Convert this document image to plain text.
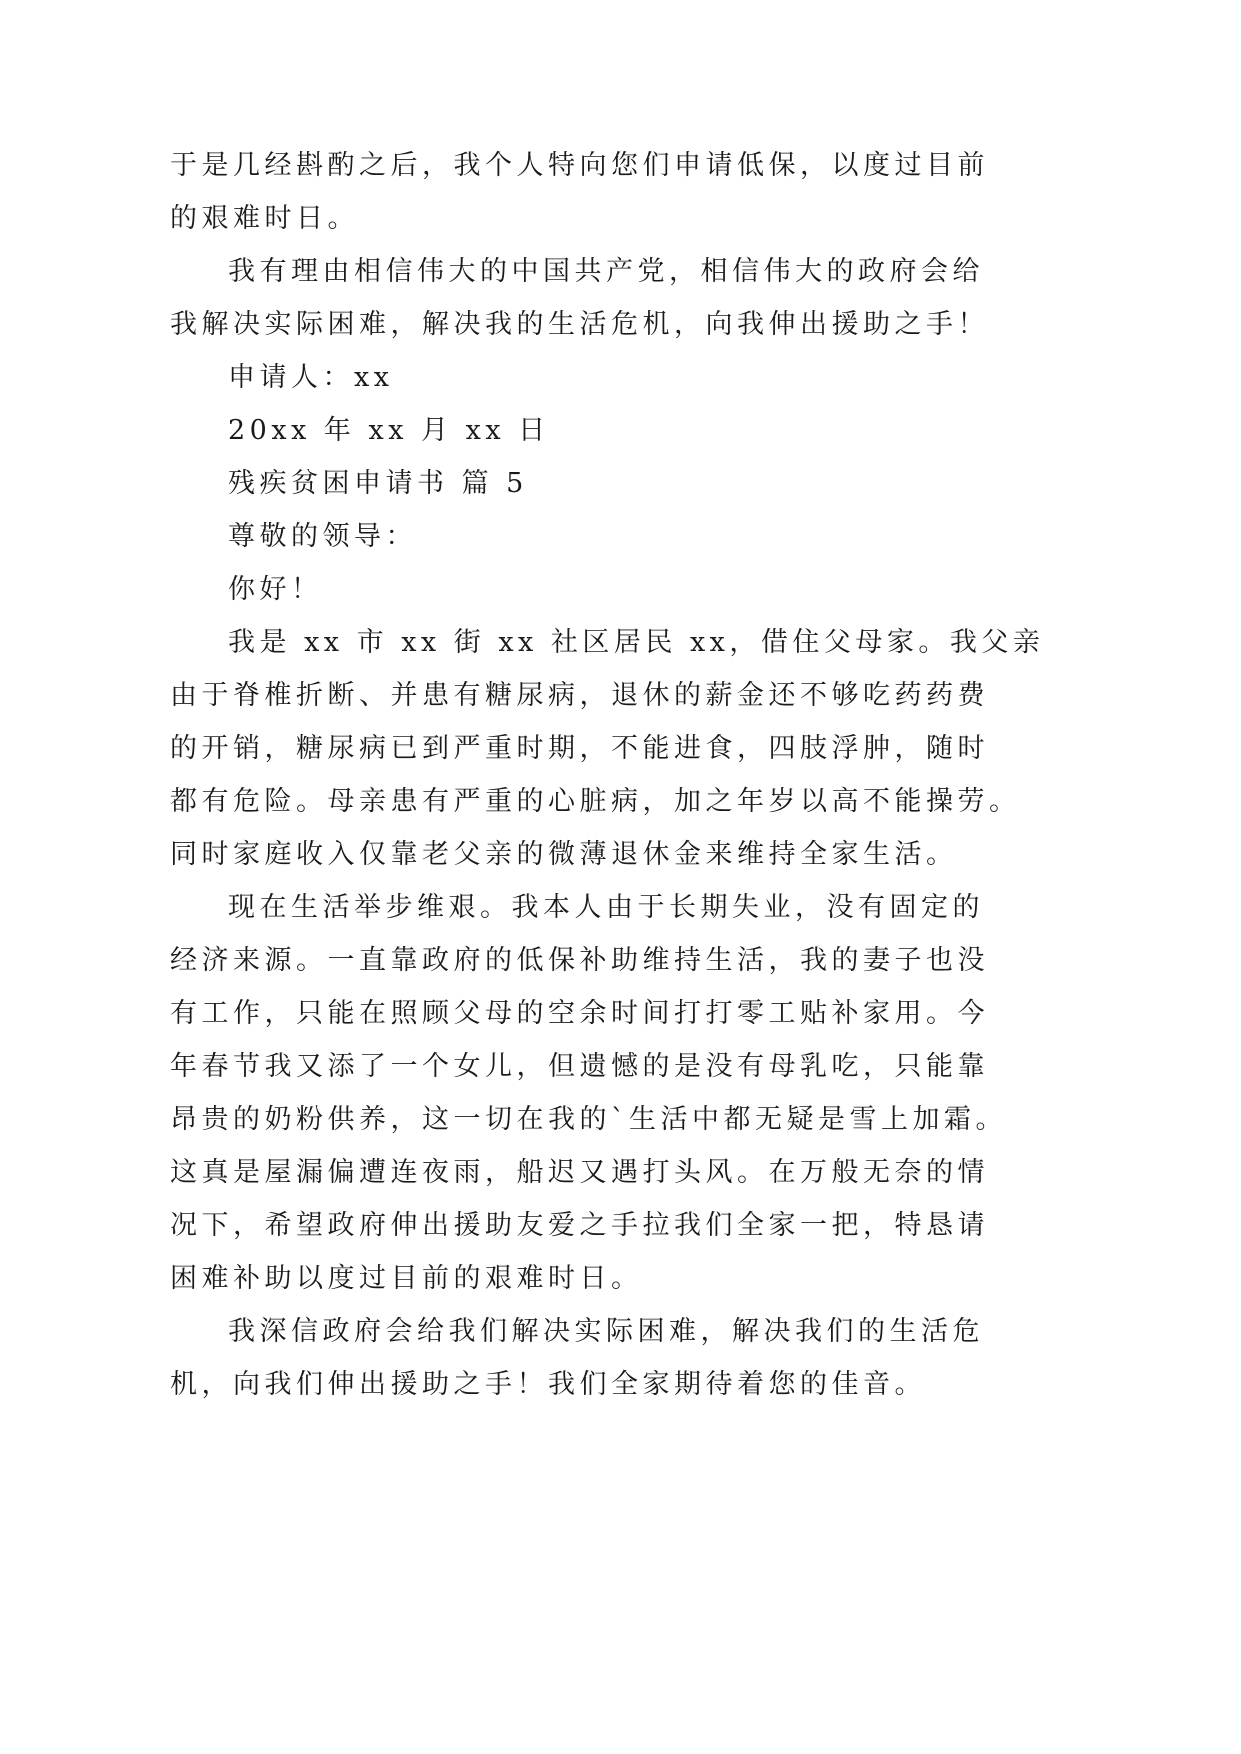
于是几经斟酌之后，我个人特向您们申请低保，以度过目前
的艰难时日。
我有理由相信伟大的中国共产党，相信伟大的政府会给
我解决实际困难，解决我的生活危机，向我伸出援助之手！
申请人：xx
20xx 年 xx 月 xx 日
残疾贫困申请书 篇 5
尊敬的领导：
你好！
我是 xx 市 xx 街 xx 社区居民 xx，借住父母家。我父亲
由于脊椎折断、并患有糖尿病，退休的薪金还不够吃药药费
的开销，糖尿病已到严重时期，不能进食，四肢浮肿，随时
都有危险。母亲患有严重的心脏病，加之年岁以高不能操劳。
同时家庭收入仅靠老父亲的微薄退休金来维持全家生活。
现在生活举步维艰。我本人由于长期失业，没有固定的
经济来源。一直靠政府的低保补助维持生活，我的妻子也没
有工作，只能在照顾父母的空余时间打打零工贴补家用。今
年春节我又添了一个女儿，但遗憾的是没有母乳吃，只能靠
昂贵的奶粉供养，这一切在我的`生活中都无疑是雪上加霜。
这真是屋漏偏遭连夜雨，船迟又遇打头风。在万般无奈的情
况下，希望政府伸出援助友爱之手拉我们全家一把，特恳请
困难补助以度过目前的艰难时日。
我深信政府会给我们解决实际困难，解决我们的生活危
机，向我们伸出援助之手！我们全家期待着您的佳音。
